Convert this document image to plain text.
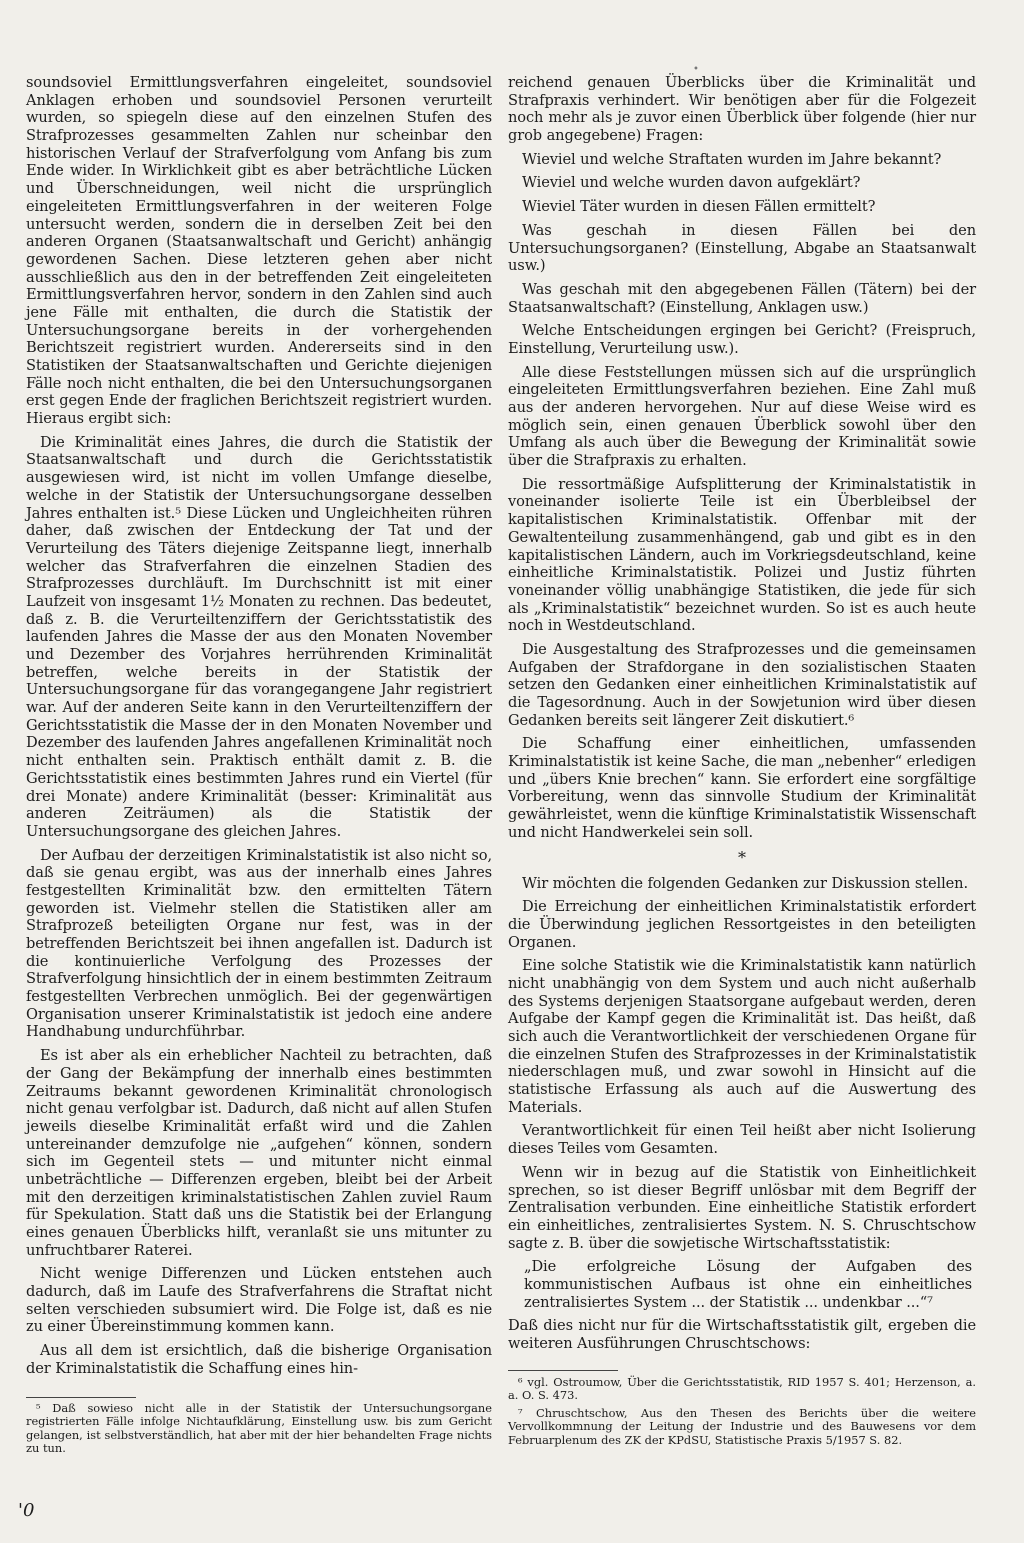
•

soundsoviel Ermittlungsverfahren eingeleitet, soundsoviel Anklagen erhoben und soundsoviel Personen verurteilt wurden, so spiegeln diese auf den einzelnen Stufen des Strafprozesses gesammelten Zahlen nur scheinbar den historischen Verlauf der Strafverfolgung vom Anfang bis zum Ende wider. In Wirklichkeit gibt es aber beträchtliche Lücken und Überschneidungen, weil nicht die ursprünglich eingeleiteten Ermittlungsverfahren in der weiteren Folge untersucht werden, sondern die in derselben Zeit bei den anderen Organen (Staatsanwaltschaft und Gericht) anhängig gewordenen Sachen. Diese letzteren gehen aber nicht ausschließlich aus den in der betreffenden Zeit eingeleiteten Ermittlungsverfahren hervor, sondern in den Zahlen sind auch jene Fälle mit enthalten, die durch die Statistik der Untersuchungsorgane bereits in der vorhergehenden Berichtszeit registriert wurden. Andererseits sind in den Statistiken der Staatsanwaltschaften und Gerichte diejenigen Fälle noch nicht enthalten, die bei den Untersuchungsorganen erst gegen Ende der fraglichen Berichtszeit registriert wurden. Hieraus ergibt sich:

Die Kriminalität eines Jahres, die durch die Statistik der Staatsanwaltschaft und durch die Gerichtsstatistik ausgewiesen wird, ist nicht im vollen Umfange dieselbe, welche in der Statistik der Untersuchungsorgane desselben Jahres enthalten ist.⁵ Diese Lücken und Ungleichheiten rühren daher, daß zwischen der Entdeckung der Tat und der Verurteilung des Täters diejenige Zeitspanne liegt, innerhalb welcher das Strafverfahren die einzelnen Stadien des Strafprozesses durchläuft. Im Durchschnitt ist mit einer Laufzeit von insgesamt 1½ Monaten zu rechnen. Das bedeutet, daß z. B. die Verurteiltenziffern der Gerichtsstatistik des laufenden Jahres die Masse der aus den Monaten November und Dezember des Vorjahres herrührenden Kriminalität betreffen, welche bereits in der Statistik der Untersuchungsorgane für das vorangegangene Jahr registriert war. Auf der anderen Seite kann in den Verurteiltenziffern der Gerichtsstatistik die Masse der in den Monaten November und Dezember des laufenden Jahres angefallenen Kriminalität noch nicht enthalten sein. Praktisch enthält damit z. B. die Gerichtsstatistik eines bestimmten Jahres rund ein Viertel (für drei Monate) andere Kriminalität (besser: Kriminalität aus anderen Zeiträumen) als die Statistik der Untersuchungsorgane des gleichen Jahres.

Der Aufbau der derzeitigen Kriminalstatistik ist also nicht so, daß sie genau ergibt, was aus der innerhalb eines Jahres festgestellten Kriminalität bzw. den ermittelten Tätern geworden ist. Vielmehr stellen die Statistiken aller am Strafprozeß beteiligten Organe nur fest, was in der betreffenden Berichtszeit bei ihnen angefallen ist. Dadurch ist die kontinuierliche Verfolgung des Prozesses der Strafverfolgung hinsichtlich der in einem bestimmten Zeitraum festgestellten Verbrechen unmöglich. Bei der gegenwärtigen Organisation unserer Kriminalstatistik ist jedoch eine andere Handhabung undurchführbar.

Es ist aber als ein erheblicher Nachteil zu betrachten, daß der Gang der Bekämpfung der innerhalb eines bestimmten Zeitraums bekannt gewordenen Kriminalität chronologisch nicht genau verfolgbar ist. Dadurch, daß nicht auf allen Stufen jeweils dieselbe Kriminalität erfaßt wird und die Zahlen untereinander demzufolge nie „aufgehen“ können, sondern sich im Gegenteil stets — und mitunter nicht einmal unbeträchtliche — Differenzen ergeben, bleibt bei der Arbeit mit den derzeitigen kriminalstatistischen Zahlen zuviel Raum für Spekulation. Statt daß uns die Statistik bei der Erlangung eines genauen Überblicks hilft, veranlaßt sie uns mitunter zu unfruchtbarer Raterei.

Nicht wenige Differenzen und Lücken entstehen auch dadurch, daß im Laufe des Strafverfahrens die Straftat nicht selten verschieden subsumiert wird. Die Folge ist, daß es nie zu einer Übereinstimmung kommen kann.

Aus all dem ist ersichtlich, daß die bisherige Organisation der Kriminalstatistik die Schaffung eines hin-

reichend genauen Überblicks über die Kriminalität und Strafpraxis verhindert. Wir benötigen aber für die Folgezeit noch mehr als je zuvor einen Überblick über folgende (hier nur grob angegebene) Fragen:

Wieviel und welche Straftaten wurden im Jahre bekannt?

Wieviel und welche wurden davon aufgeklärt?

Wieviel Täter wurden in diesen Fällen ermittelt?

Was geschah in diesen Fällen bei den Untersuchungsorganen? (Einstellung, Abgabe an Staatsanwalt usw.)

Was geschah mit den abgegebenen Fällen (Tätern) bei der Staatsanwaltschaft? (Einstellung, Anklagen usw.)

Welche Entscheidungen ergingen bei Gericht? (Freispruch, Einstellung, Verurteilung usw.).

Alle diese Feststellungen müssen sich auf die ursprünglich eingeleiteten Ermittlungsverfahren beziehen. Eine Zahl muß aus der anderen hervorgehen. Nur auf diese Weise wird es möglich sein, einen genauen Überblick sowohl über den Umfang als auch über die Bewegung der Kriminalität sowie über die Strafpraxis zu erhalten.

Die ressortmäßige Aufsplitterung der Kriminalstatistik in voneinander isolierte Teile ist ein Überbleibsel der kapitalistischen Kriminalstatistik. Offenbar mit der Gewaltenteilung zusammenhängend, gab und gibt es in den kapitalistischen Ländern, auch im Vorkriegsdeutschland, keine einheitliche Kriminalstatistik. Polizei und Justiz führten voneinander völlig unabhängige Statistiken, die jede für sich als „Kriminalstatistik“ bezeichnet wurden. So ist es auch heute noch in Westdeutschland.

Die Ausgestaltung des Strafprozesses und die gemeinsamen Aufgaben der Strafdorgane in den sozialistischen Staaten setzen den Gedanken einer einheitlichen Kriminalstatistik auf die Tagesordnung. Auch in der Sowjetunion wird über diesen Gedanken bereits seit längerer Zeit diskutiert.⁶

Die Schaffung einer einheitlichen, umfassenden Kriminalstatistik ist keine Sache, die man „nebenher“ erledigen und „übers Knie brechen“ kann. Sie erfordert eine sorgfältige Vorbereitung, wenn das sinnvolle Studium der Kriminalität gewährleistet, wenn die künftige Kriminalstatistik Wissenschaft und nicht Handwerkelei sein soll.

*

Wir möchten die folgenden Gedanken zur Diskussion stellen.

Die Erreichung der einheitlichen Kriminalstatistik erfordert die Überwindung jeglichen Ressortgeistes in den beteiligten Organen.

Eine solche Statistik wie die Kriminalstatistik kann natürlich nicht unabhängig von dem System und auch nicht außerhalb des Systems derjenigen Staatsorgane aufgebaut werden, deren Aufgabe der Kampf gegen die Kriminalität ist. Das heißt, daß sich auch die Verantwortlichkeit der verschiedenen Organe für die einzelnen Stufen des Strafprozesses in der Kriminalstatistik niederschlagen muß, und zwar sowohl in Hinsicht auf die statistische Erfassung als auch auf die Auswertung des Materials.

Verantwortlichkeit für einen Teil heißt aber nicht Isolierung dieses Teiles vom Gesamten.

Wenn wir in bezug auf die Statistik von Einheitlichkeit sprechen, so ist dieser Begriff unlösbar mit dem Begriff der Zentralisation verbunden. Eine einheitliche Statistik erfordert ein einheitliches, zentralisiertes System. N. S. Chruschtschow sagte z. B. über die sowjetische Wirtschaftsstatistik:

„Die erfolgreiche Lösung der Aufgaben des kommunistischen Aufbaus ist ohne ein einheitliches zentralisiertes System ... der Statistik ... undenkbar ...“⁷

Daß dies nicht nur für die Wirtschaftsstatistik gilt, ergeben die weiteren Ausführungen Chruschtschows:

⁵ Daß sowieso nicht alle in der Statistik der Untersuchungsorgane registrierten Fälle infolge Nichtaufklärung, Einstellung usw. bis zum Gericht gelangen, ist selbstverständlich, hat aber mit der hier behandelten Frage nichts zu tun.

⁶ vgl. Ostroumow, Über die Gerichtsstatistik, RID 1957 S. 401; Herzenson, a. a. O. S. 473.

⁷ Chruschtschow, Aus den Thesen des Berichts über die weitere Vervollkommnung der Leitung der Industrie und des Bauwesens vor dem Februarplenum des ZK der KPdSU, Statistische Praxis 5/1957 S. 82.

'0
